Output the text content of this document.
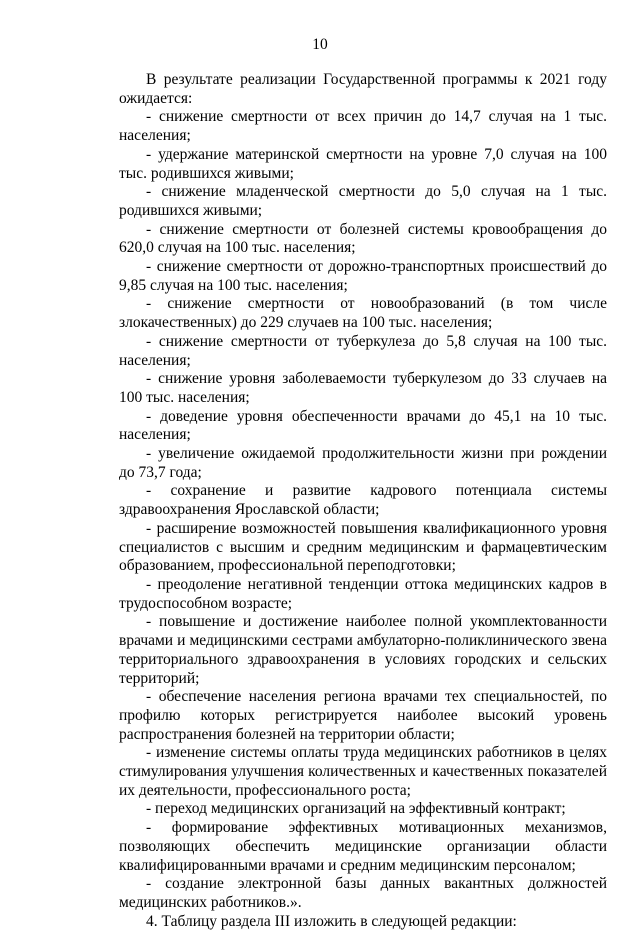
10

В результате реализации Государственной программы к 2021 году ожидается:

- снижение смертности от всех причин до 14,7 случая на 1 тыс. населения;

- удержание материнской смертности на уровне 7,0 случая на 100 тыс. родившихся живыми;

- снижение младенческой смертности до 5,0 случая на 1 тыс. родившихся живыми;

- снижение смертности от болезней системы кровообращения до 620,0 случая на 100 тыс. населения;

- снижение смертности от дорожно-транспортных происшествий до 9,85 случая на 100 тыс. населения;

- снижение смертности от новообразований (в том числе злокачественных) до 229 случаев на 100 тыс. населения;

- снижение смертности от туберкулеза до 5,8 случая на 100 тыс. населения;

- снижение уровня заболеваемости туберкулезом до 33 случаев на 100 тыс. населения;

- доведение уровня обеспеченности врачами до 45,1 на 10 тыс. населения;

- увеличение ожидаемой продолжительности жизни при рождении до 73,7 года;

- сохранение и развитие кадрового потенциала системы здравоохранения Ярославской области;

- расширение возможностей повышения квалификационного уровня специалистов с высшим и средним медицинским и фармацевтическим образованием, профессиональной переподготовки;

- преодоление негативной тенденции оттока медицинских кадров в трудоспособном возрасте;

- повышение и достижение наиболее полной укомплектованности врачами и медицинскими сестрами амбулаторно-поликлинического звена территориального здравоохранения в условиях городских и сельских территорий;

- обеспечение населения региона врачами тех специальностей, по профилю которых регистрируется наиболее высокий уровень распространения болезней на территории области;

- изменение системы оплаты труда медицинских работников в целях стимулирования улучшения количественных и качественных показателей их деятельности, профессионального роста;

- переход медицинских организаций на эффективный контракт;

- формирование эффективных мотивационных механизмов, позволяющих обеспечить медицинские организации области квалифицированными врачами и средним медицинским персоналом;

- создание электронной базы данных вакантных должностей медицинских работников.».

4. Таблицу раздела III изложить в следующей редакции:
